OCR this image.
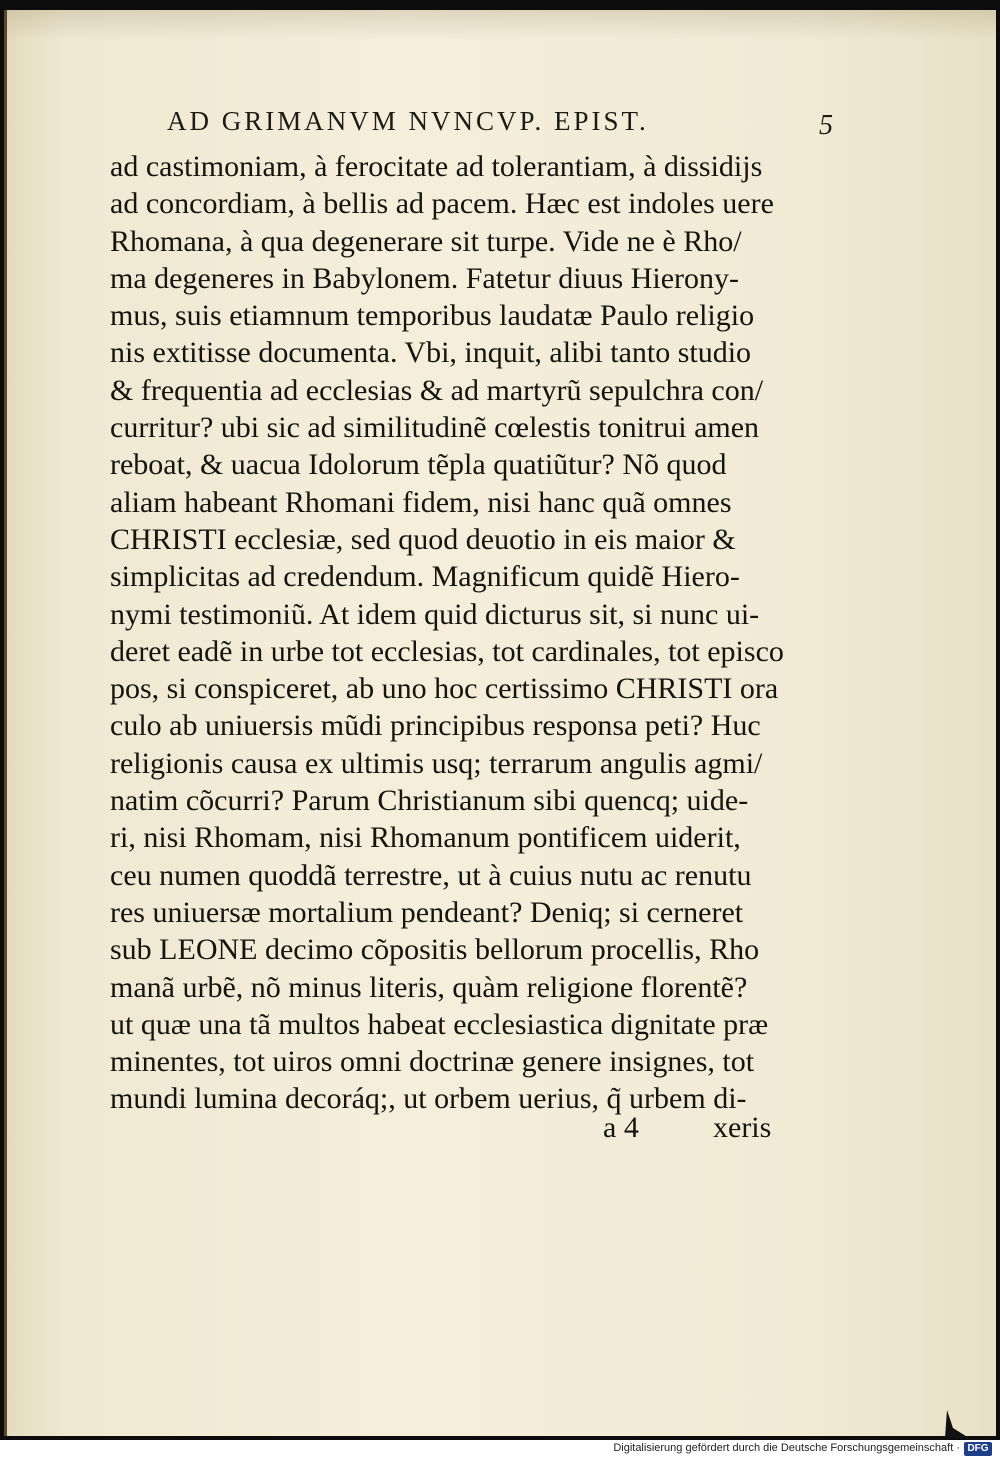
AD GRIMANVM NVNCVP. EPIST.	5
ad castimoniam, à ferocitate ad tolerantiam, à dissidijs
ad concordiam, à bellis ad pacem. Hæc est indoles uere
Rhomana, à qua degenerare sit turpe. Vide ne è Rho/
ma degeneres in Babylonem. Fatetur diuus Hierony-
mus, suis etiamnum temporibus laudatæ Paulo religio
nis extitisse documenta. Vbi, inquit, alibi tanto studio
& frequentia ad ecclesias & ad martyrũ sepulchra con/
curritur? ubi sic ad similitudinẽ cœlestis tonitrui amen
reboat, & uacua Idolorum tẽpla quatiũtur? Nõ quod
aliam habeant Rhomani fidem, nisi hanc quã omnes
CHRISTI ecclesiæ, sed quod deuotio in eis maior &
simplicitas ad credendum. Magnificum quidẽ Hiero-
nymi testimoniũ. At idem quid dicturus sit, si nunc ui-
deret eadẽ in urbe tot ecclesias, tot cardinales, tot episco
pos, si conspiceret, ab uno hoc certissimo CHRISTI ora
culo ab uniuersis mũdi principibus responsa peti? Huc
religionis causa ex ultimis usq; terrarum angulis agmi/
natim cõcurri? Parum Christianum sibi quencq; uide-
ri, nisi Rhomam, nisi Rhomanum pontificem uiderit,
ceu numen quoddã terrestre, ut à cuius nutu ac renutu
res uniuersæ mortalium pendeant? Deniq; si cerneret
sub LEONE decimo cõpositis bellorum procellis, Rho
manã urbẽ, nõ minus literis, quàm religione florentẽ?
ut quæ una tã multos habeat ecclesiastica dignitate præ
minentes, tot uiros omni doctrinæ genere insignes, tot
mundi lumina decoráq;, ut orbem uerius, q̃ urbem di-
a 4 xeris
Digitalisierung gefördert durch die Deutsche Forschungsgemeinschaft · DFG
